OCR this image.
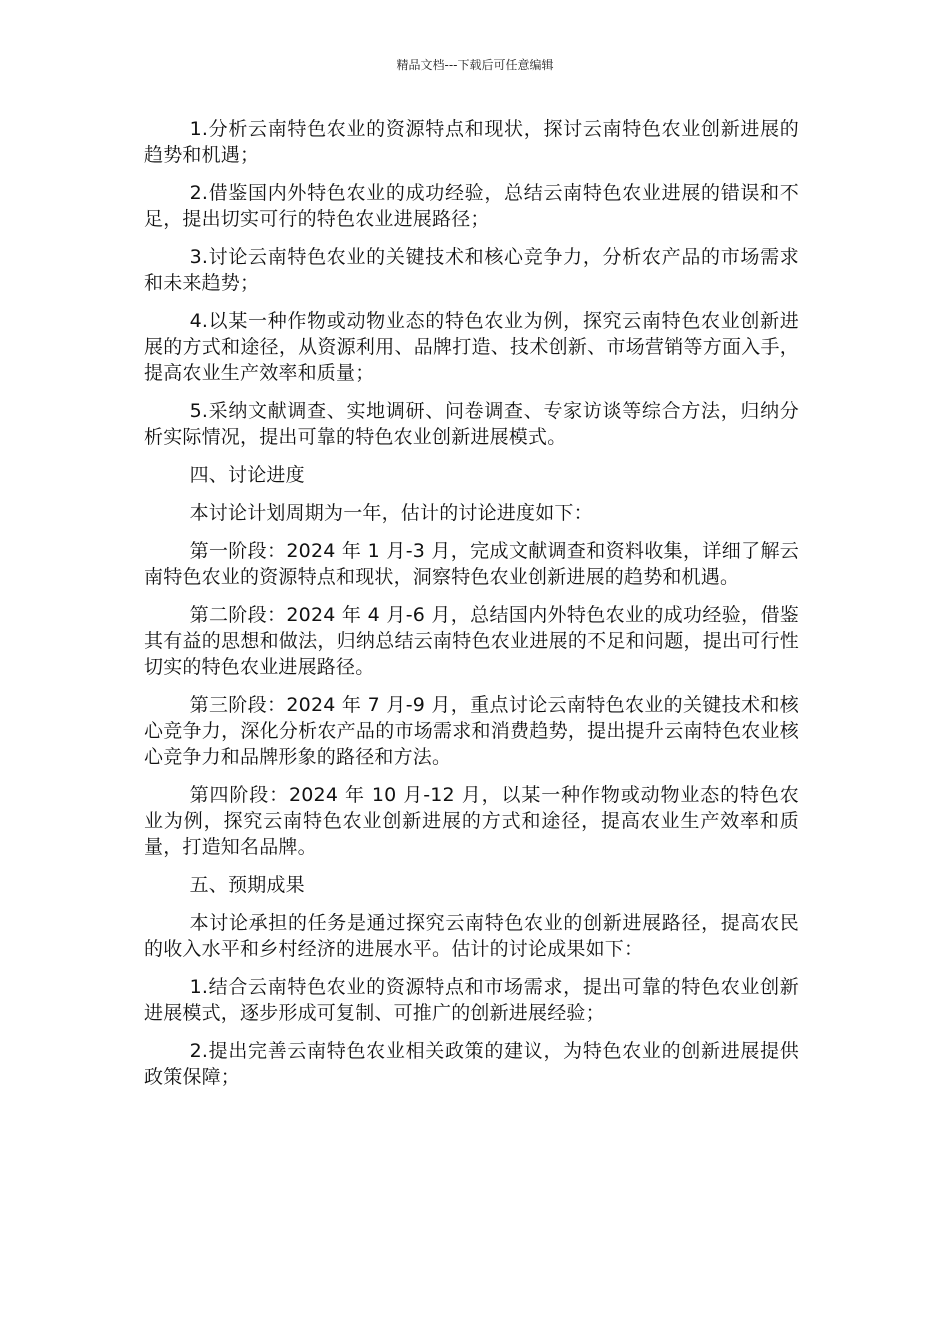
精品文档---下载后可任意编辑

1.分析云南特色农业的资源特点和现状，探讨云南特色农业创新进展的趋势和机遇；

2.借鉴国内外特色农业的成功经验，总结云南特色农业进展的错误和不足，提出切实可行的特色农业进展路径；

3.讨论云南特色农业的关键技术和核心竞争力，分析农产品的市场需求和未来趋势；

4.以某一种作物或动物业态的特色农业为例，探究云南特色农业创新进展的方式和途径，从资源利用、品牌打造、技术创新、市场营销等方面入手，提高农业生产效率和质量；

5.采纳文献调查、实地调研、问卷调查、专家访谈等综合方法，归纳分析实际情况，提出可靠的特色农业创新进展模式。

四、讨论进度

本讨论计划周期为一年，估计的讨论进度如下：

第一阶段：2024 年 1 月-3 月，完成文献调查和资料收集，详细了解云南特色农业的资源特点和现状，洞察特色农业创新进展的趋势和机遇。

第二阶段：2024 年 4 月-6 月，总结国内外特色农业的成功经验，借鉴其有益的思想和做法，归纳总结云南特色农业进展的不足和问题，提出可行性切实的特色农业进展路径。

第三阶段：2024 年 7 月-9 月，重点讨论云南特色农业的关键技术和核心竞争力，深化分析农产品的市场需求和消费趋势，提出提升云南特色农业核心竞争力和品牌形象的路径和方法。

第四阶段：2024 年 10 月-12 月，以某一种作物或动物业态的特色农业为例，探究云南特色农业创新进展的方式和途径，提高农业生产效率和质量，打造知名品牌。

五、预期成果

本讨论承担的任务是通过探究云南特色农业的创新进展路径，提高农民的收入水平和乡村经济的进展水平。估计的讨论成果如下：

1.结合云南特色农业的资源特点和市场需求，提出可靠的特色农业创新进展模式，逐步形成可复制、可推广的创新进展经验；

2.提出完善云南特色农业相关政策的建议，为特色农业的创新进展提供政策保障；
